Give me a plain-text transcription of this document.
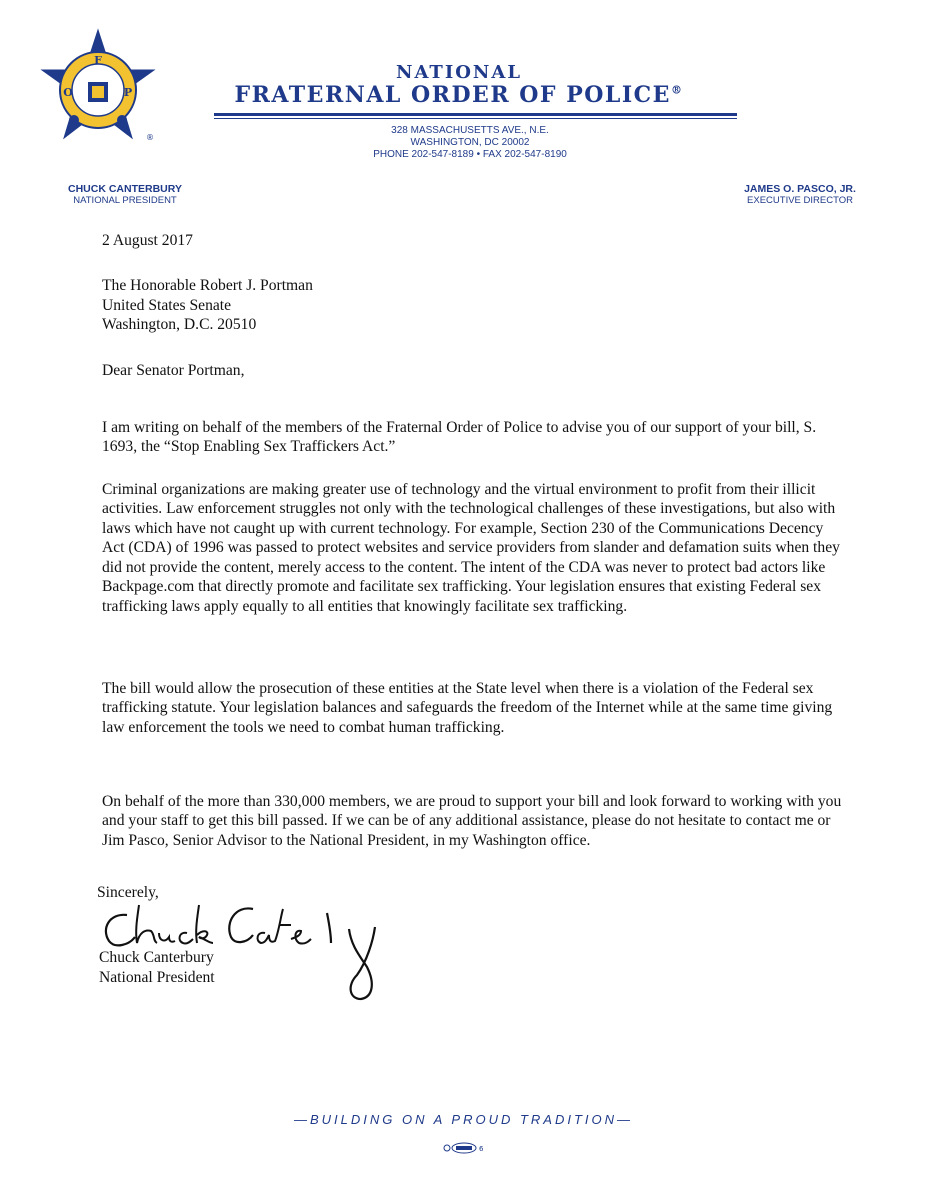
F
O	P
®
NATIONAL
FRATERNAL ORDER OF POLICE®
328 MASSACHUSETTS AVE., N.E.
WASHINGTON, DC 20002
PHONE 202-547-8189 • FAX 202-547-8190
CHUCK CANTERBURY
NATIONAL PRESIDENT
JAMES O. PASCO, JR.
EXECUTIVE DIRECTOR
2 August 2017
The Honorable Robert J. Portman
United States Senate
Washington, D.C. 20510
Dear Senator Portman,

I am writing on behalf of the members of the Fraternal Order of Police to advise you of our support of your bill, S. 1693, the “Stop Enabling Sex Traffickers Act.”

Criminal organizations are making greater use of technology and the virtual environment to profit from their illicit activities. Law enforcement struggles not only with the technological challenges of these investigations, but also with laws which have not caught up with current technology. For example, Section 230 of the Communications Decency Act (CDA) of 1996 was passed to protect websites and service providers from slander and defamation suits when they did not provide the content, merely access to the content. The intent of the CDA was never to protect bad actors like Backpage.com that directly promote and facilitate sex trafficking. Your legislation ensures that existing Federal sex trafficking laws apply equally to all entities that knowingly facilitate sex trafficking.

The bill would allow the prosecution of these entities at the State level when there is a violation of the Federal sex trafficking statute. Your legislation balances and safeguards the freedom of the Internet while at the same time giving law enforcement the tools we need to combat human trafficking.

On behalf of the more than 330,000 members, we are proud to support your bill and look forward to working with you and your staff to get this bill passed. If we can be of any additional assistance, please do not hesitate to contact me or Jim Pasco, Senior Advisor to the National President, in my Washington office.

Sincerely,
Chuck Canterbury
National President
—BUILDING ON A PROUD TRADITION—
6
